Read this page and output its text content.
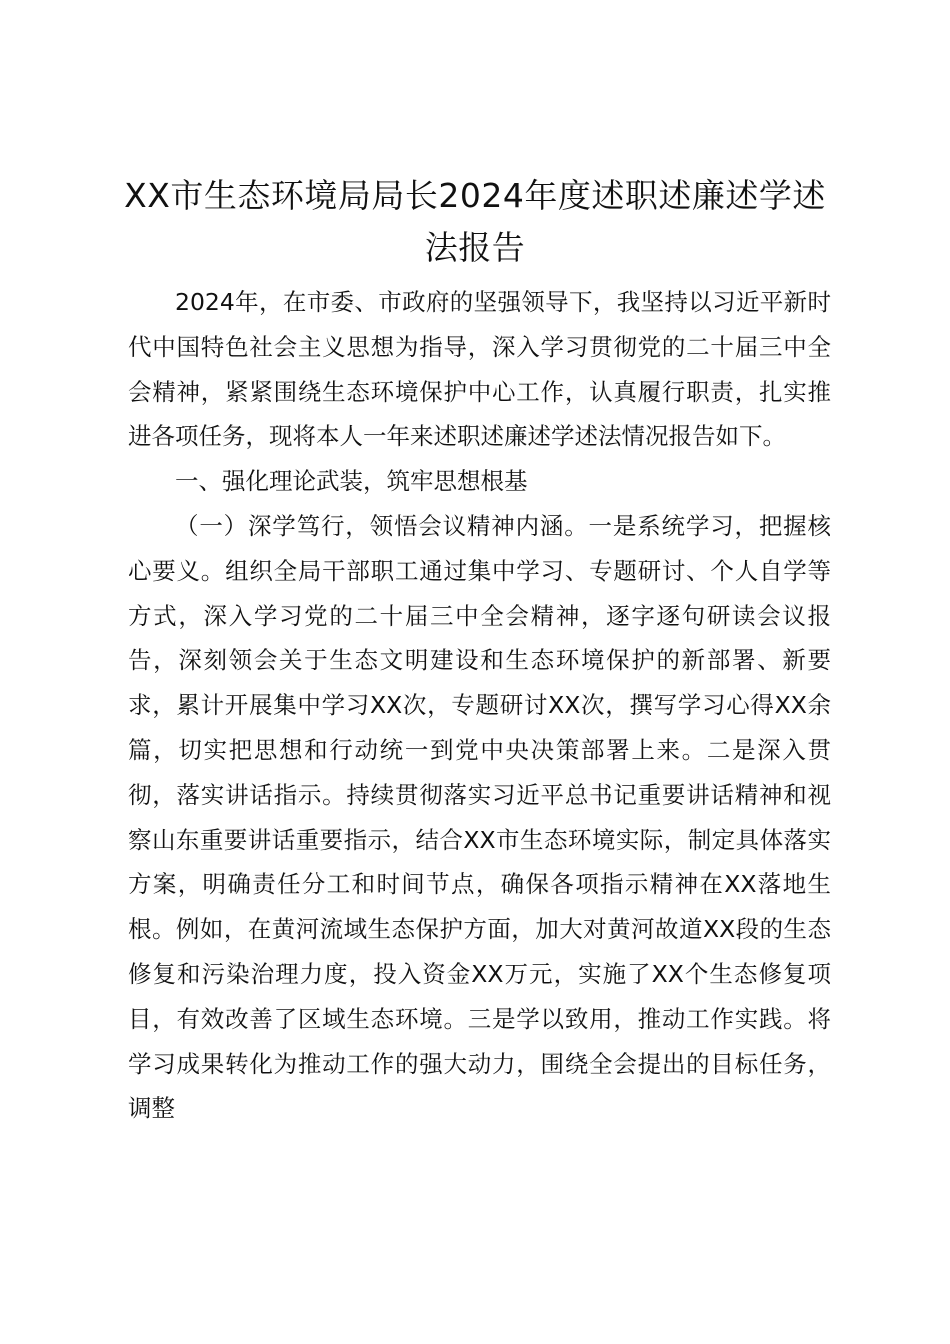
XX市生态环境局局长2024年度述职述廉述学述法报告

2024年，在市委、市政府的坚强领导下，我坚持以习近平新时代中国特色社会主义思想为指导，深入学习贯彻党的二十届三中全会精神，紧紧围绕生态环境保护中心工作，认真履行职责，扎实推进各项任务，现将本人一年来述职述廉述学述法情况报告如下。

一、强化理论武装，筑牢思想根基

（一）深学笃行，领悟会议精神内涵。一是系统学习，把握核心要义。组织全局干部职工通过集中学习、专题研讨、个人自学等方式，深入学习党的二十届三中全会精神，逐字逐句研读会议报告，深刻领会关于生态文明建设和生态环境保护的新部署、新要求，累计开展集中学习XX次，专题研讨XX次，撰写学习心得XX余篇，切实把思想和行动统一到党中央决策部署上来。二是深入贯彻，落实讲话指示。持续贯彻落实习近平总书记重要讲话精神和视察山东重要讲话重要指示，结合XX市生态环境实际，制定具体落实方案，明确责任分工和时间节点，确保各项指示精神在XX落地生根。例如，在黄河流域生态保护方面，加大对黄河故道XX段的生态修复和污染治理力度，投入资金XX万元，实施了XX个生态修复项目，有效改善了区域生态环境。三是学以致用，推动工作实践。将学习成果转化为推动工作的强大动力，围绕全会提出的目标任务，调整
